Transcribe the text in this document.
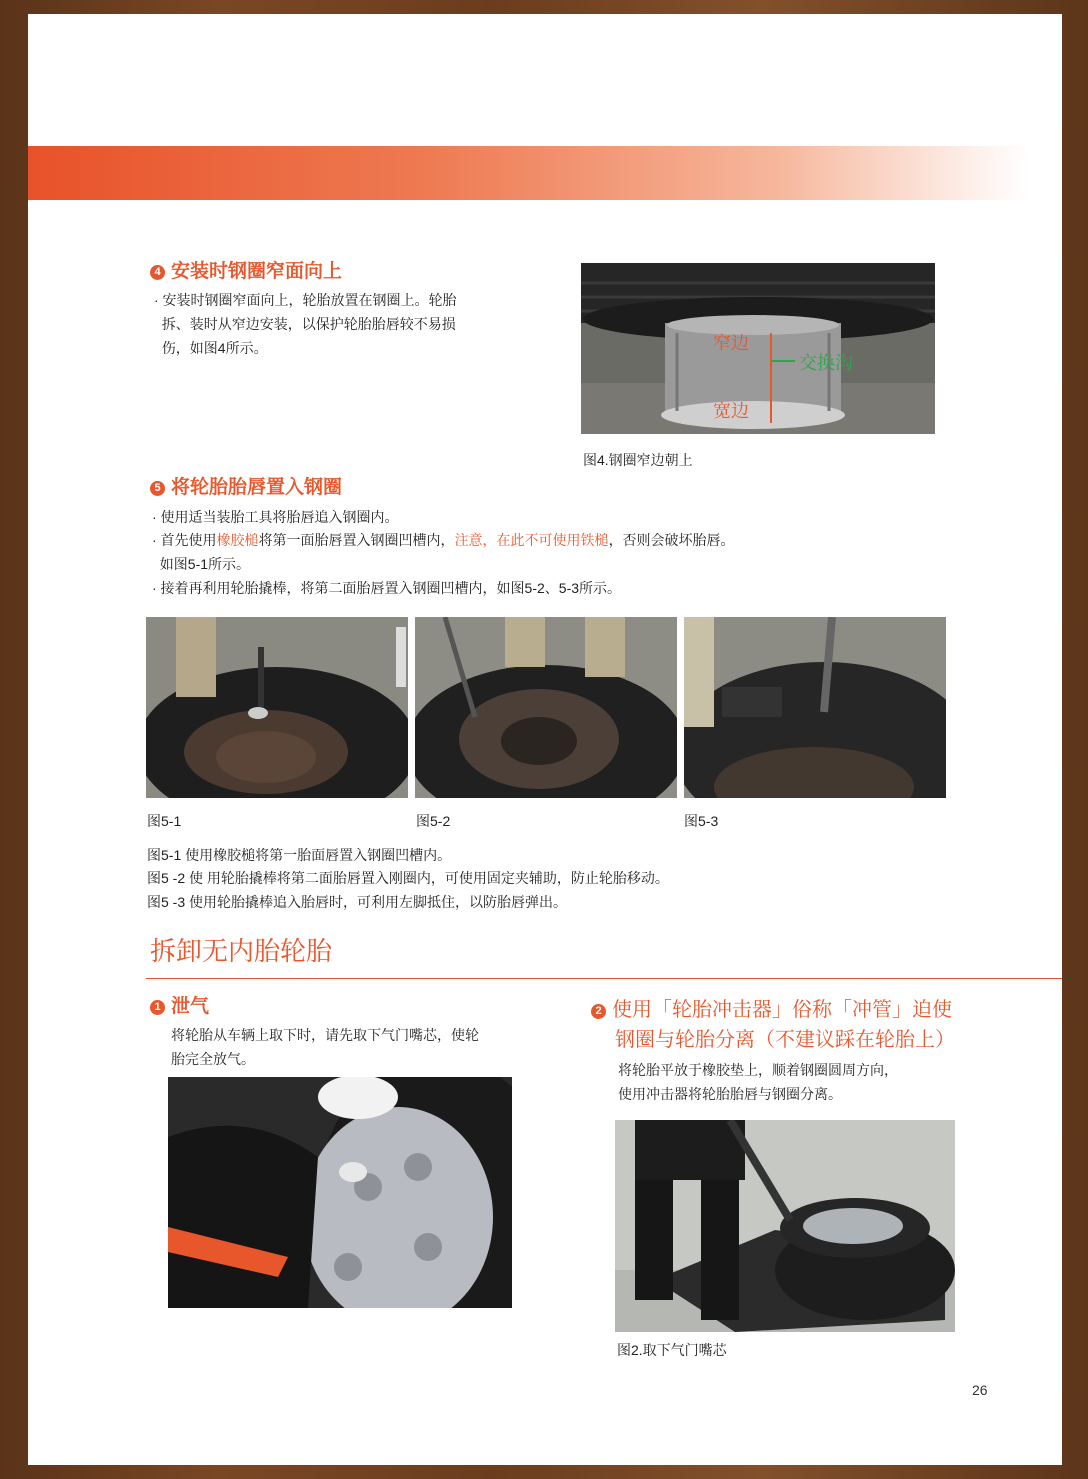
4 安装时钢圈窄面向上
· 安装时钢圈窄面向上，轮胎放置在钢圈上。轮胎
拆、装时从窄边安装，以保护轮胎胎唇较不易损
伤，如图4所示。	窄边
交换沟
宽边
图4.钢圈窄边朝上
5 将轮胎胎唇置入钢圈
· 使用适当装胎工具将胎唇追入钢圈内。
· 首先使用橡胶槌将第一面胎唇置入钢圈凹槽内，注意，在此不可使用铁槌，否则会破坏胎唇。
如图5-1所示。
· 接着再利用轮胎撬棒，将第二面胎唇置入钢圈凹槽内，如图5-2、5-3所示。
图5-1	图5-2	图5-3
图5-1 使用橡胶槌将第一胎面唇置入钢圈凹槽内。
图5 -2 使 用轮胎撬棒将第二面胎唇置入刚圈内，可使用固定夹辅助，防止轮胎移动。
图5 -3 使用轮胎撬棒追入胎唇时，可利用左脚抵住，以防胎唇弹出。
拆卸无内胎轮胎
1 泄气
将轮胎从车辆上取下时，请先取下气门嘴芯，使轮
胎完全放气。
2 使用「轮胎冲击器」俗称「冲管」迫使
钢圈与轮胎分离（不建议踩在轮胎上）
将轮胎平放于橡胶垫上，顺着钢圈圆周方向，
使用冲击器将轮胎胎唇与钢圈分离。
图2.取下气门嘴芯
26
